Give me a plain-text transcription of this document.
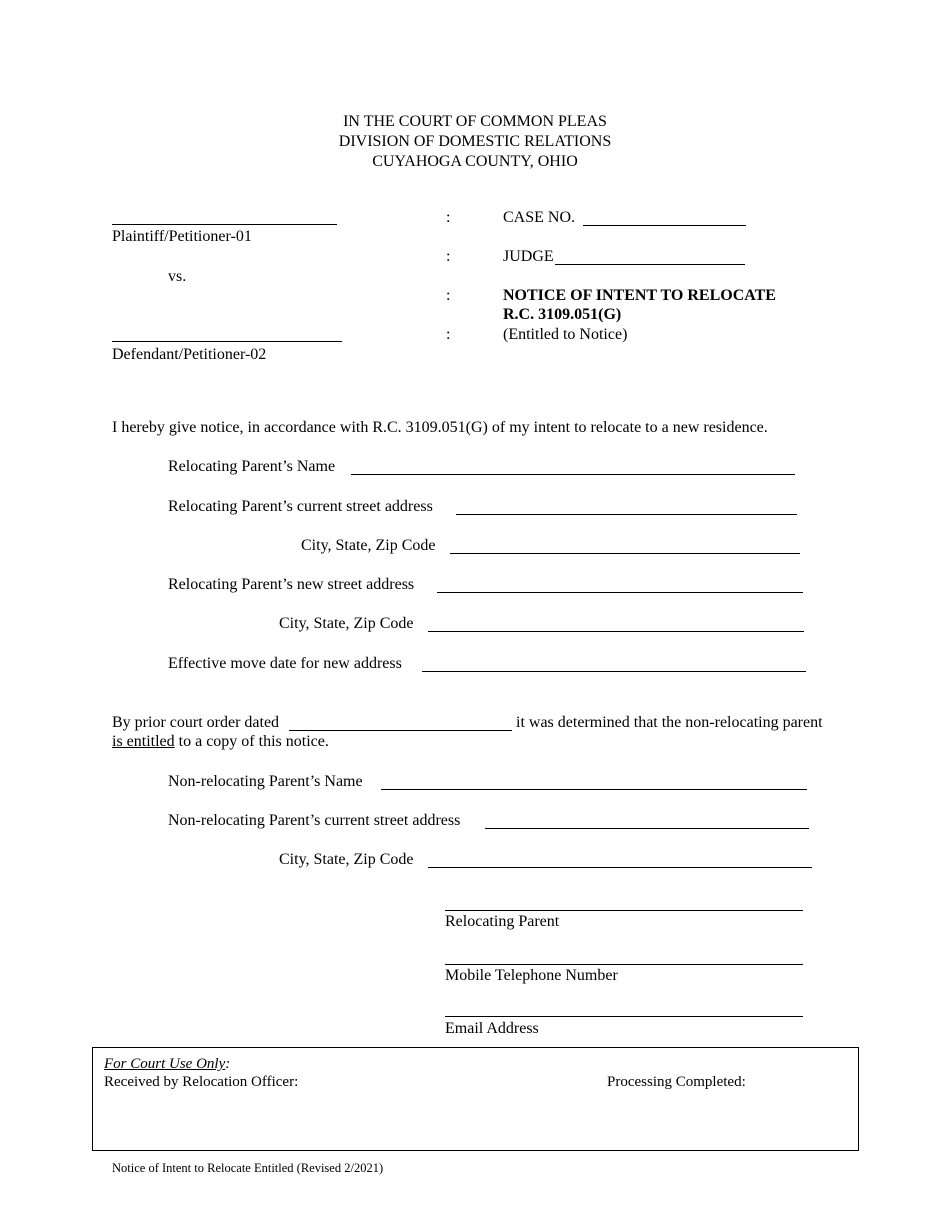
IN THE COURT OF COMMON PLEAS
DIVISION OF DOMESTIC RELATIONS
CUYAHOGA COUNTY, OHIO
Plaintiff/Petitioner-01
vs.
Defendant/Petitioner-02
:
:
:
:
CASE NO.
JUDGE
NOTICE OF INTENT TO RELOCATE
R.C. 3109.051(G)
(Entitled to Notice)
I hereby give notice, in accordance with R.C. 3109.051(G) of my intent to relocate to a new residence.
Relocating Parent’s Name
Relocating Parent’s current street address
City, State, Zip Code
Relocating Parent’s new street address
City, State, Zip Code
Effective move date for new address
By prior court order dated	it was determined that the non-relocating parent
is entitled to a copy of this notice.
Non-relocating Parent’s Name
Non-relocating Parent’s current street address
City, State, Zip Code
Relocating Parent
Mobile Telephone Number
Email Address
For Court Use Only:
Received by Relocation Officer:	Processing Completed:
Notice of Intent to Relocate Entitled (Revised 2/2021)
